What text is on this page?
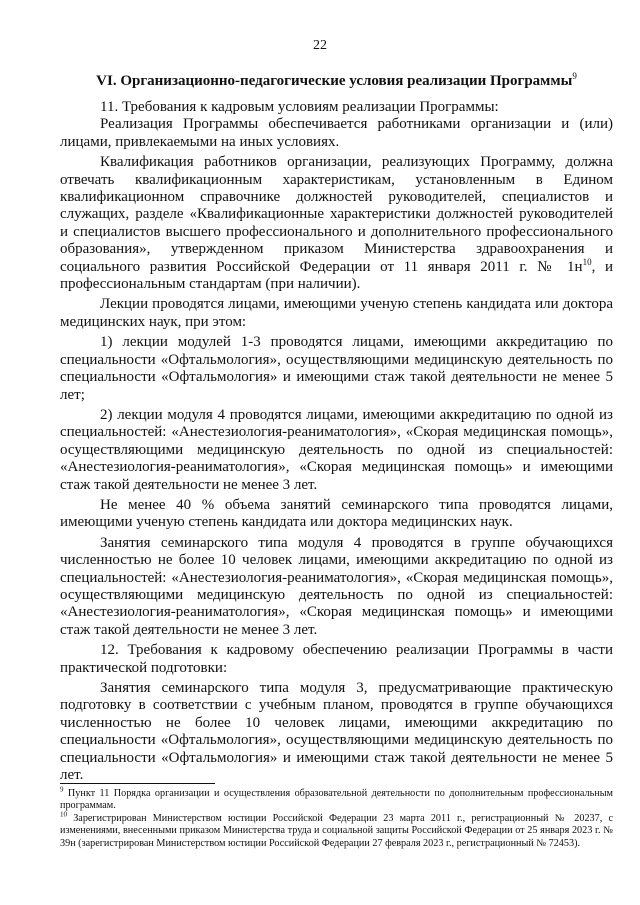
22
VI. Организационно-педагогические условия реализации Программы$^9$

11. Требования к кадровым условиям реализации Программы:

Реализация Программы обеспечивается работниками организации и (или) лицами, привлекаемыми на иных условиях.

Квалификация работников организации, реализующих Программу, должна отвечать квалификационным характеристикам, установленным в Едином квалификационном справочнике должностей руководителей, специалистов и служащих, разделе «Квалификационные характеристики должностей руководителей и специалистов высшего профессионального и дополнительного профессионального образования», утвержденном приказом Министерства здравоохранения и социального развития Российской Федерации от 11 января 2011 г. № $1н^{10}$, и профессиональным стандартам (при наличии).

Лекции проводятся лицами, имеющими ученую степень кандидата или доктора медицинских наук, при этом:

1) лекции модулей 1-3 проводятся лицами, имеющими аккредитацию по специальности «Офтальмология», осуществляющими медицинскую деятельность по специальности «Офтальмология» и имеющими стаж такой деятельности не менее 5 лет;

2) лекции модуля 4 проводятся лицами, имеющими аккредитацию по одной из специальностей: «Анестезиология-реаниматология», «Скорая медицинская помощь», осуществляющими медицинскую деятельность по одной из специальностей: «Анестезиология-реаниматология», «Скорая медицинская помощь» и имеющими стаж такой деятельности не менее 3 лет.

Не менее 40 % объема занятий семинарского типа проводятся лицами, имеющими ученую степень кандидата или доктора медицинских наук.

Занятия семинарского типа модуля 4 проводятся в группе обучающихся численностью не более 10 человек лицами, имеющими аккредитацию по одной из специальностей: «Анестезиология-реаниматология», «Скорая медицинская помощь», осуществляющими медицинскую деятельность по одной из специальностей: «Анестезиология-реаниматология», «Скорая медицинская помощь» и имеющими стаж такой деятельности не менее 3 лет.

12. Требования к кадровому обеспечению реализации Программы в части практической подготовки:

Занятия семинарского типа модуля 3, предусматривающие практическую подготовку в соответствии с учебным планом, проводятся в группе обучающихся численностью не более 10 человек лицами, имеющими аккредитацию по специальности «Офтальмология», осуществляющими медицинскую деятельность по специальности «Офтальмология» и имеющими стаж такой деятельности не менее 5 лет.

$^9$ Пункт 11 Порядка организации и осуществления образовательной деятельности по дополнительным профессиональным программам.

$^{10}$ Зарегистрирован Министерством юстиции Российской Федерации 23 марта 2011 г., регистрационный № 20237, с изменениями, внесенными приказом Министерства труда и социальной защиты Российской Федерации от 25 января 2023 г. № 39н (зарегистрирован Министерством юстиции Российской Федерации 27 февраля 2023 г., регистрационный № 72453).
